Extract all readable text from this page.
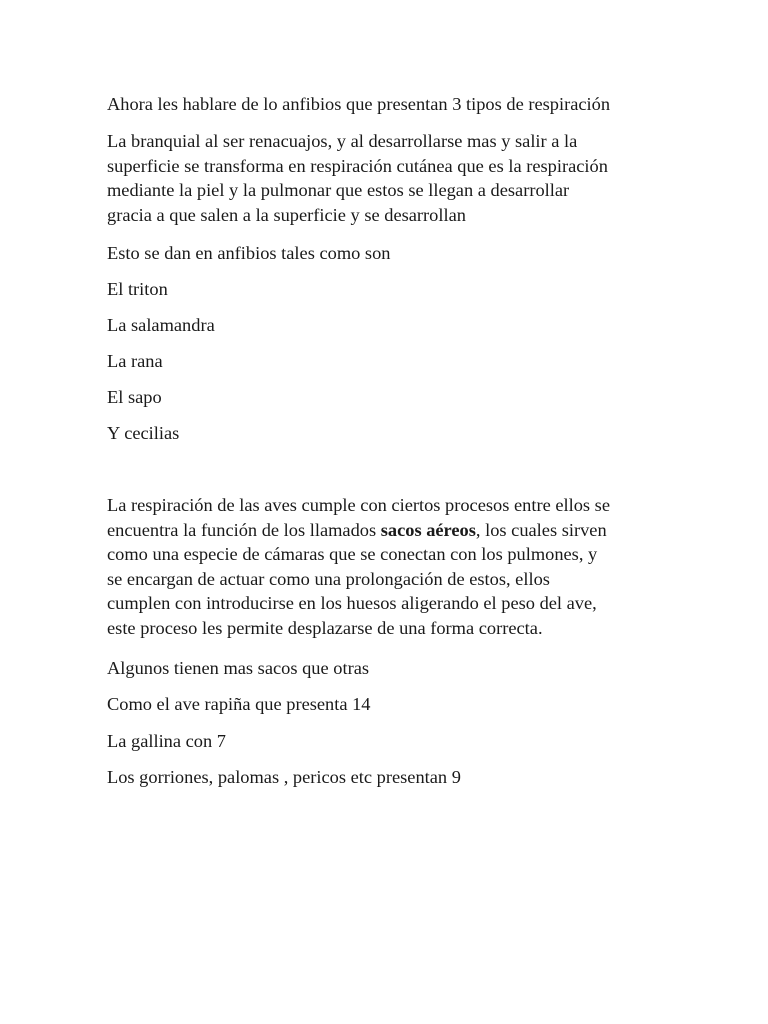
Ahora les hablare de lo anfibios que presentan 3 tipos de respiración

La branquial al ser renacuajos, y al desarrollarse mas y salir a la
superficie se transforma en respiración cutánea que es la respiración
mediante la piel y la pulmonar que estos se llegan a desarrollar
gracia a que salen a la superficie y se desarrollan

Esto se dan en anfibios tales como son

El triton

La salamandra

La rana

El sapo

Y cecilias

La respiración de las aves cumple con ciertos procesos entre ellos se
encuentra la función de los llamados sacos aéreos, los cuales sirven
como una especie de cámaras que se conectan con los pulmones, y
se encargan de actuar como una prolongación de estos, ellos
cumplen con introducirse en los huesos aligerando el peso del ave,
este proceso les permite desplazarse de una forma correcta.

Algunos tienen mas sacos que otras

Como el ave rapiña que presenta 14

La gallina con 7

Los gorriones, palomas , pericos etc presentan 9
